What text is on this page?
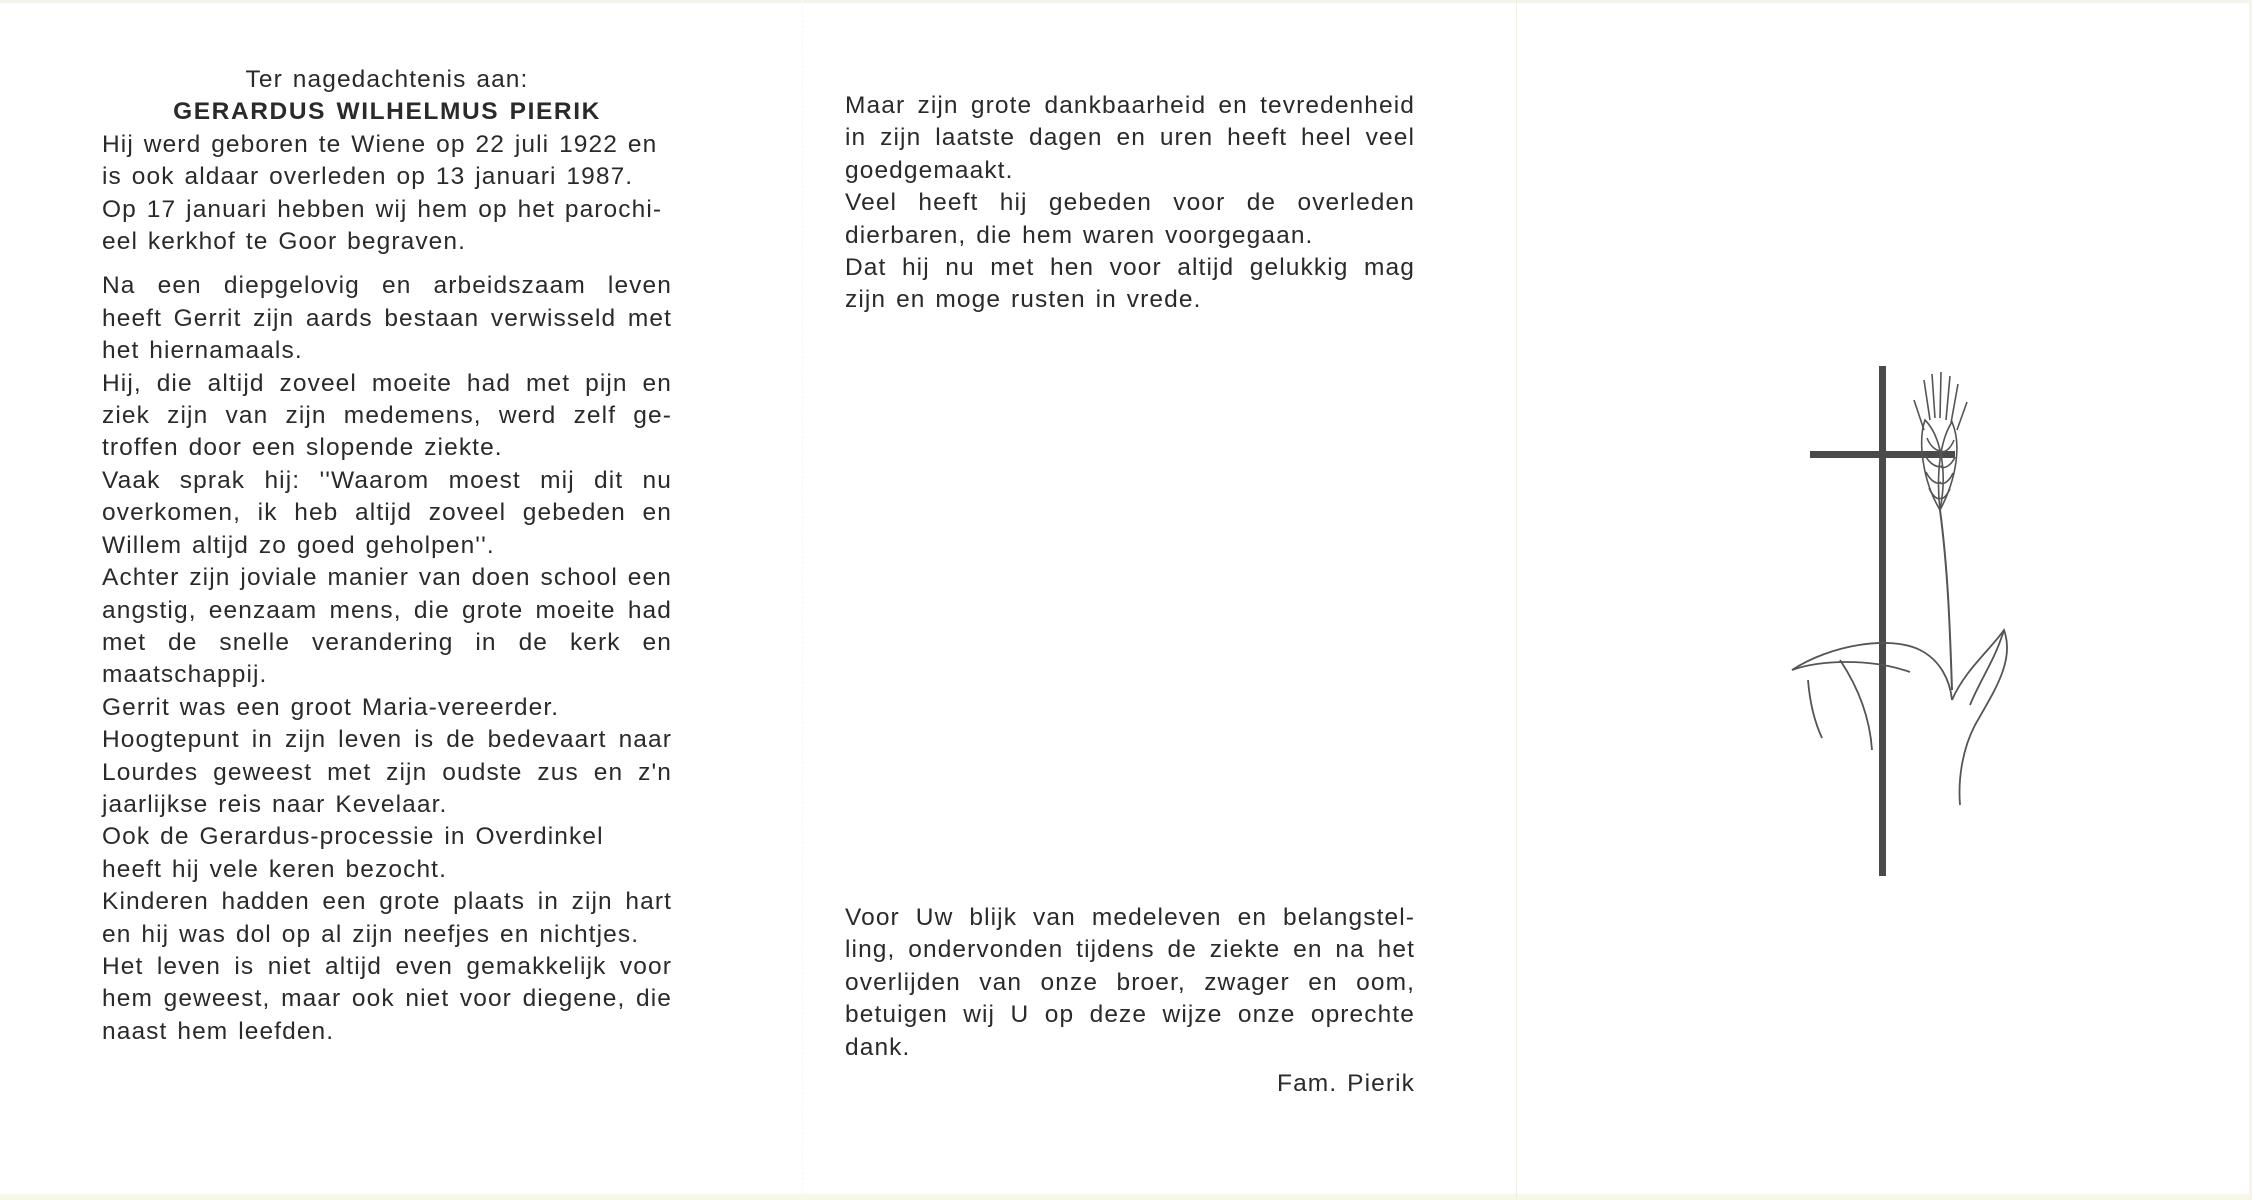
Ter nagedachtenis aan:

GERARDUS WILHELMUS PIERIK

Hij werd geboren te Wiene op 22 juli 1922 en is ook aldaar overleden op 13 januari 1987. Op 17 januari hebben wij hem op het parochi-eel kerkhof te Goor begraven.

Na een diepgelovig en arbeidszaam leven heeft Gerrit zijn aards bestaan verwisseld met het hiernamaals.

Hij, die altijd zoveel moeite had met pijn en ziek zijn van zijn medemens, werd zelf ge-troffen door een slopende ziekte.

Vaak sprak hij: ''Waarom moest mij dit nu overkomen, ik heb altijd zoveel gebeden en Willem altijd zo goed geholpen''.

Achter zijn joviale manier van doen school een angstig, eenzaam mens, die grote moeite had met de snelle verandering in de kerk en maatschappij.

Gerrit was een groot Maria-vereerder.

Hoogtepunt in zijn leven is de bedevaart naar Lourdes geweest met zijn oudste zus en z'n jaarlijkse reis naar Kevelaar.

Ook de Gerardus-processie in Overdinkel heeft hij vele keren bezocht.

Kinderen hadden een grote plaats in zijn hart en hij was dol op al zijn neefjes en nichtjes.

Het leven is niet altijd even gemakkelijk voor hem geweest, maar ook niet voor diegene, die naast hem leefden.

Maar zijn grote dankbaarheid en tevredenheid in zijn laatste dagen en uren heeft heel veel goedgemaakt.

Veel heeft hij gebeden voor de overleden dierbaren, die hem waren voorgegaan.

Dat hij nu met hen voor altijd gelukkig mag zijn en moge rusten in vrede.

Voor Uw blijk van medeleven en belangstel-ling, ondervonden tijdens de ziekte en na het overlijden van onze broer, zwager en oom, betuigen wij U op deze wijze onze oprechte dank.
Fam. Pierik
